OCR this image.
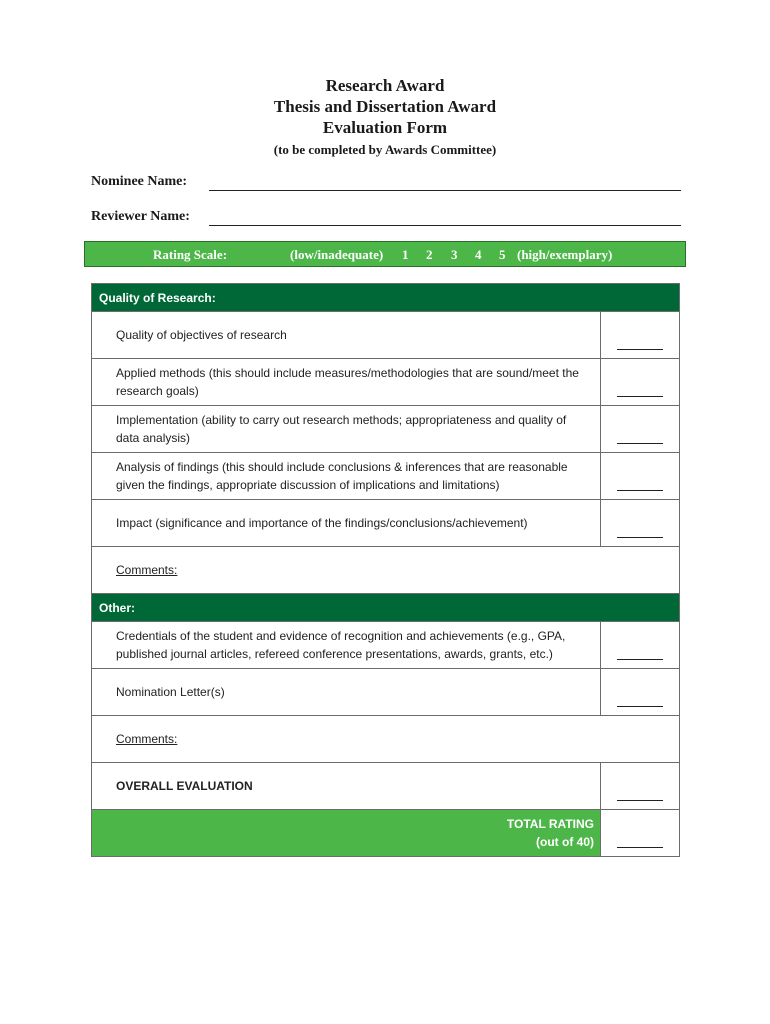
Research Award
Thesis and Dissertation Award
Evaluation Form
(to be completed by Awards Committee)
Nominee Name:
Reviewer Name:
Rating Scale:	(low/inadequate) 1 2 3 4 5 (high/exemplary)
Quality of Research:	
Quality of objectives of research	

Applied methods (this should include measures/methodologies that are sound/meet the research goals)	

Implementation (ability to carry out research methods; appropriateness and quality of data analysis)	

Analysis of findings (this should include conclusions & inferences that are reasonable given the findings, appropriate discussion of implications and limitations)	

Impact (significance and importance of the findings/conclusions/achievement)	

Comments:	
Other:	
Credentials of the student and evidence of recognition and achievements (e.g., GPA, published journal articles, refereed conference presentations, awards, grants, etc.)	

Nomination Letter(s)	

Comments:	
OVERALL EVALUATION	

TOTAL RATING
(out of 40)	
